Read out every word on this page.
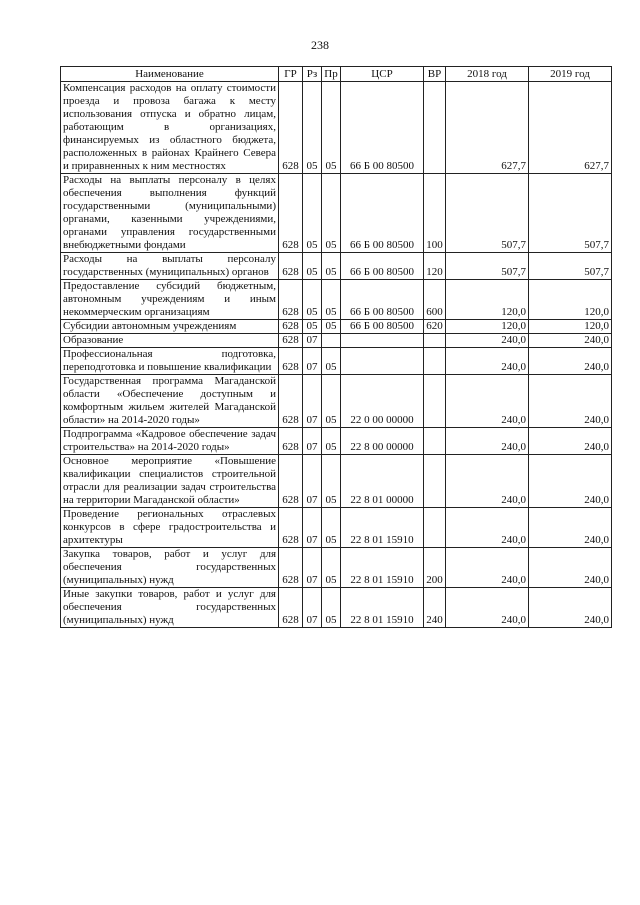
238
Наименование	ГР	Рз	Пр	ЦСР	ВР	2018 год	2019 год
Компенсация расходов на оплату стоимости проезда и провоза багажа к месту использования отпуска и обратно лицам, работающим в организациях, финансируемых из областного бюджета, расположенных в районах Крайнего Севера и приравненных к ним местностях	628	05	05	66 Б 00 80500		627,7	627,7
Расходы на выплаты персоналу в целях обеспечения выполнения функций государственными (муниципальными) органами, казенными учреждениями, органами управления государственными внебюджетными фондами	628	05	05	66 Б 00 80500	100	507,7	507,7
Расходы на выплаты персоналу государственных (муниципальных) органов	628	05	05	66 Б 00 80500	120	507,7	507,7
Предоставление субсидий бюджетным, автономным учреждениям и иным некоммерческим организациям	628	05	05	66 Б 00 80500	600	120,0	120,0
Субсидии автономным учреждениям	628	05	05	66 Б 00 80500	620	120,0	120,0
Образование	628	07				240,0	240,0
Профессиональная подготовка, переподготовка и повышение квалификации	628	07	05			240,0	240,0
Государственная программа Магаданской области «Обеспечение доступным и комфортным жильем жителей Магаданской области» на 2014-2020 годы»	628	07	05	22 0 00 00000		240,0	240,0
Подпрограмма «Кадровое обеспечение задач строительства» на 2014-2020 годы»	628	07	05	22 8 00 00000		240,0	240,0
Основное мероприятие «Повышение квалификации специалистов строительной отрасли для реализации задач строительства на территории Магаданской области»	628	07	05	22 8 01 00000		240,0	240,0
Проведение региональных отраслевых конкурсов в сфере градостроительства и архитектуры	628	07	05	22 8 01 15910		240,0	240,0
Закупка товаров, работ и услуг для обеспечения государственных (муниципальных) нужд	628	07	05	22 8 01 15910	200	240,0	240,0
Иные закупки товаров, работ и услуг для обеспечения государственных (муниципальных) нужд	628	07	05	22 8 01 15910	240	240,0	240,0
